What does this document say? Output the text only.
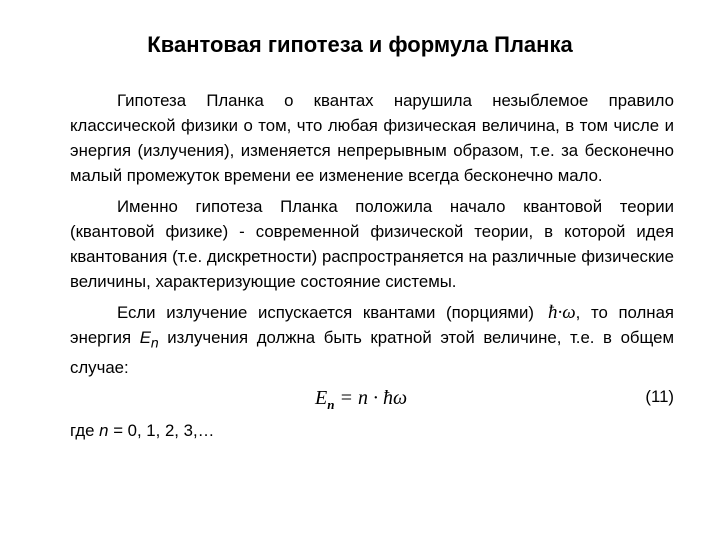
Квантовая гипотеза и формула Планка

Гипотеза Планка о квантах нарушила незыблемое правило классической физики о том, что любая физическая величина, в том числе и энергия (излучения), изменяется непрерывным образом, т.е. за бесконечно малый промежуток времени ее изменение всегда бесконечно мало.

Именно гипотеза Планка положила начало квантовой теории (квантовой физике) - современной физической теории, в которой идея квантования (т.е. дискретности) распространяется на различные физические величины, характеризующие состояние системы.

Если излучение испускается квантами (порциями) ħ·ω, то полная энергия $E_n$ излучения должна быть кратной этой величине, т.е. в общем случае:

$E_n = n$ · ħω	(11)

где n = 0, 1, 2, 3,…
